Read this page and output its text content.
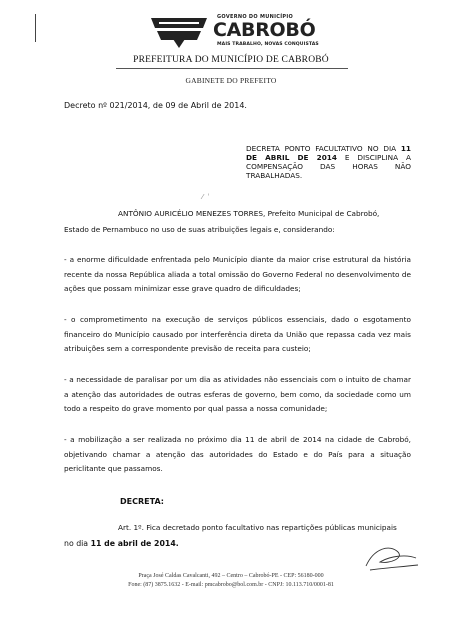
GOVERNO DO MUNICÍPIO
CABROBÓ
MAIS TRABALHO, NOVAS CONQUISTAS
PREFEITURA DO MUNICÍPIO DE CABROBÓ
GABINETE DO PREFEITO
Decreto nº 021/2014, de 09 de Abril de 2014.
DECRETA PONTO FACULTATIVO NO DIA 11 DE ABRIL DE 2014 E DISCIPLINA A COMPENSAÇÃO DAS HORAS NÃO TRABALHADAS.
⁄  ʾ

ANTÔNIO AURICÉLIO MENEZES TORRES, Prefeito Municipal de Cabrobó,

Estado de Pernambuco no uso de suas atribuições legais e, considerando:

- a enorme dificuldade enfrentada pelo Município diante da maior crise estrutural da história recente da nossa República aliada a total omissão do Governo Federal no desenvolvimento de ações que possam minimizar esse grave quadro de dificuldades;

- o comprometimento na execução de serviços públicos essenciais, dado o esgotamento financeiro do Município causado por interferência direta da União que repassa cada vez mais atribuições sem a correspondente previsão de receita para custeio;

- a necessidade de paralisar por um dia as atividades não essenciais com o intuito de chamar a atenção das autoridades de outras esferas de governo, bem como, da sociedade como um todo a respeito do grave momento por qual passa a nossa comunidade;

- a mobilização a ser realizada no próximo dia 11 de abril de 2014 na cidade de Cabrobó, objetivando chamar a atenção das autoridades do Estado e do País para a situação periclitante que passamos.

DECRETA:

Art. 1º. Fica decretado ponto facultativo nas repartições públicas municipais

no dia 11 de abril de 2014.

Praça José Caldas Cavalcanti, 492 – Centro – Cabrobó-PE - CEP: 56180-000
Fone: (87) 3875.1632 - E-mail: pmcabrobo@bol.com.br - CNPJ: 10.113.710/0001-81
